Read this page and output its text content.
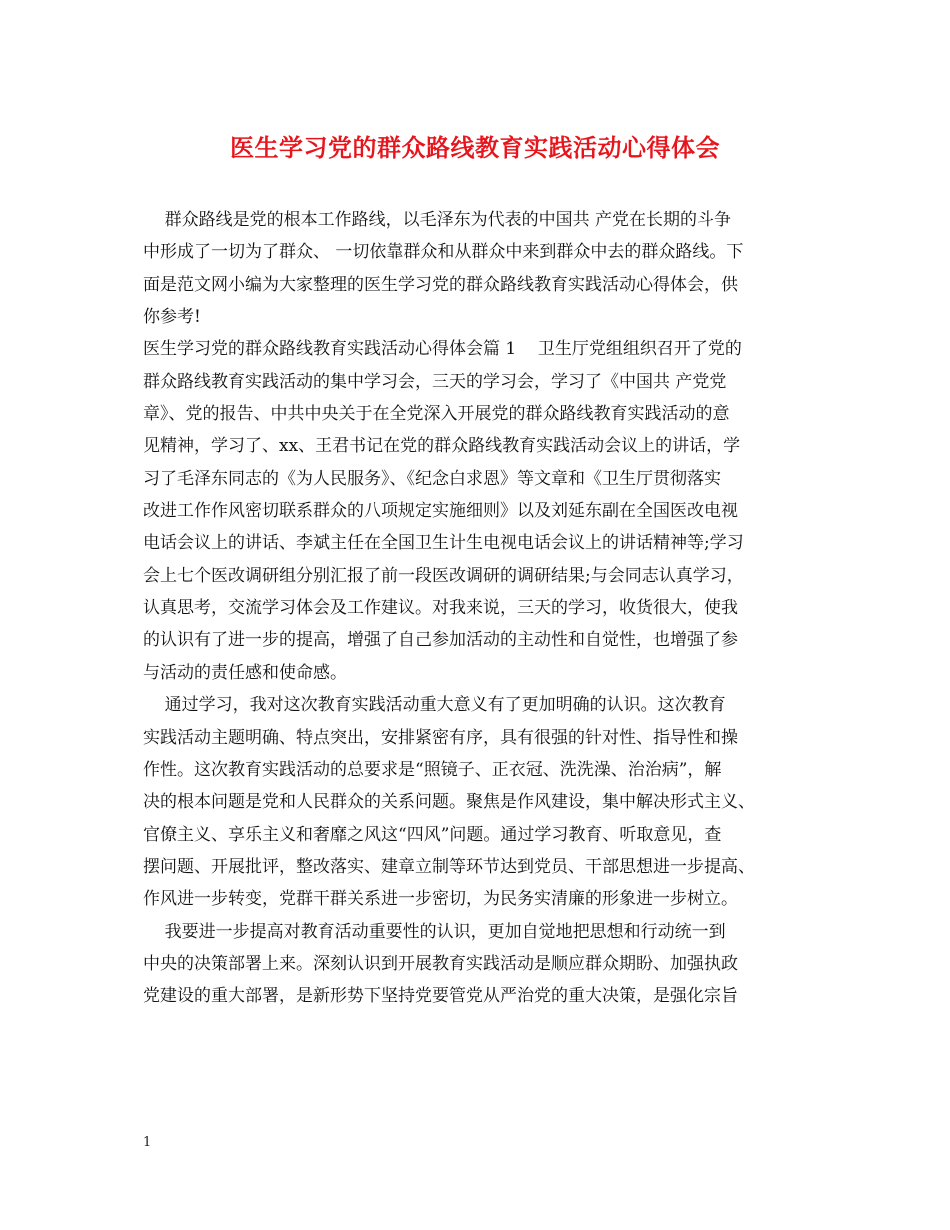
医生学习党的群众路线教育实践活动心得体会
群众路线是党的根本工作路线，以毛泽东为代表的中国共 产党在长期的斗争
中形成了一切为了群众、 一切依靠群众和从群众中来到群众中去的群众路线。下
面是范文网小编为大家整理的医生学习党的群众路线教育实践活动心得体会，供
你参考!
医生学习党的群众路线教育实践活动心得体会篇 1    卫生厅党组组织召开了党的
群众路线教育实践活动的集中学习会，三天的学习会，学习了《中国共 产党党
章》、党的报告、中共中央关于在全党深入开展党的群众路线教育实践活动的意
见精神，学习了、xx、王君书记在党的群众路线教育实践活动会议上的讲话，学
习了毛泽东同志的《为人民服务》、《纪念白求恩》等文章和《卫生厅贯彻落实
改进工作作风密切联系群众的八项规定实施细则》以及刘延东副在全国医改电视
电话会议上的讲话、李斌主任在全国卫生计生电视电话会议上的讲话精神等;学习
会上七个医改调研组分别汇报了前一段医改调研的调研结果;与会同志认真学习，
认真思考，交流学习体会及工作建议。对我来说，三天的学习，收货很大，使我
的认识有了进一步的提高，增强了自己参加活动的主动性和自觉性，也增强了参
与活动的责任感和使命感。
通过学习，我对这次教育实践活动重大意义有了更加明确的认识。这次教育
实践活动主题明确、特点突出，安排紧密有序，具有很强的针对性、指导性和操
作性。这次教育实践活动的总要求是“照镜子、正衣冠、洗洗澡、治治病”，解
决的根本问题是党和人民群众的关系问题。聚焦是作风建设，集中解决形式主义、
官僚主义、享乐主义和奢靡之风这“四风”问题。通过学习教育、听取意见，查
摆问题、开展批评，整改落实、建章立制等环节达到党员、干部思想进一步提高、
作风进一步转变，党群干群关系进一步密切，为民务实清廉的形象进一步树立。
我要进一步提高对教育活动重要性的认识，更加自觉地把思想和行动统一到
中央的决策部署上来。深刻认识到开展教育实践活动是顺应群众期盼、加强执政
党建设的重大部署，是新形势下坚持党要管党从严治党的重大决策，是强化宗旨
1
